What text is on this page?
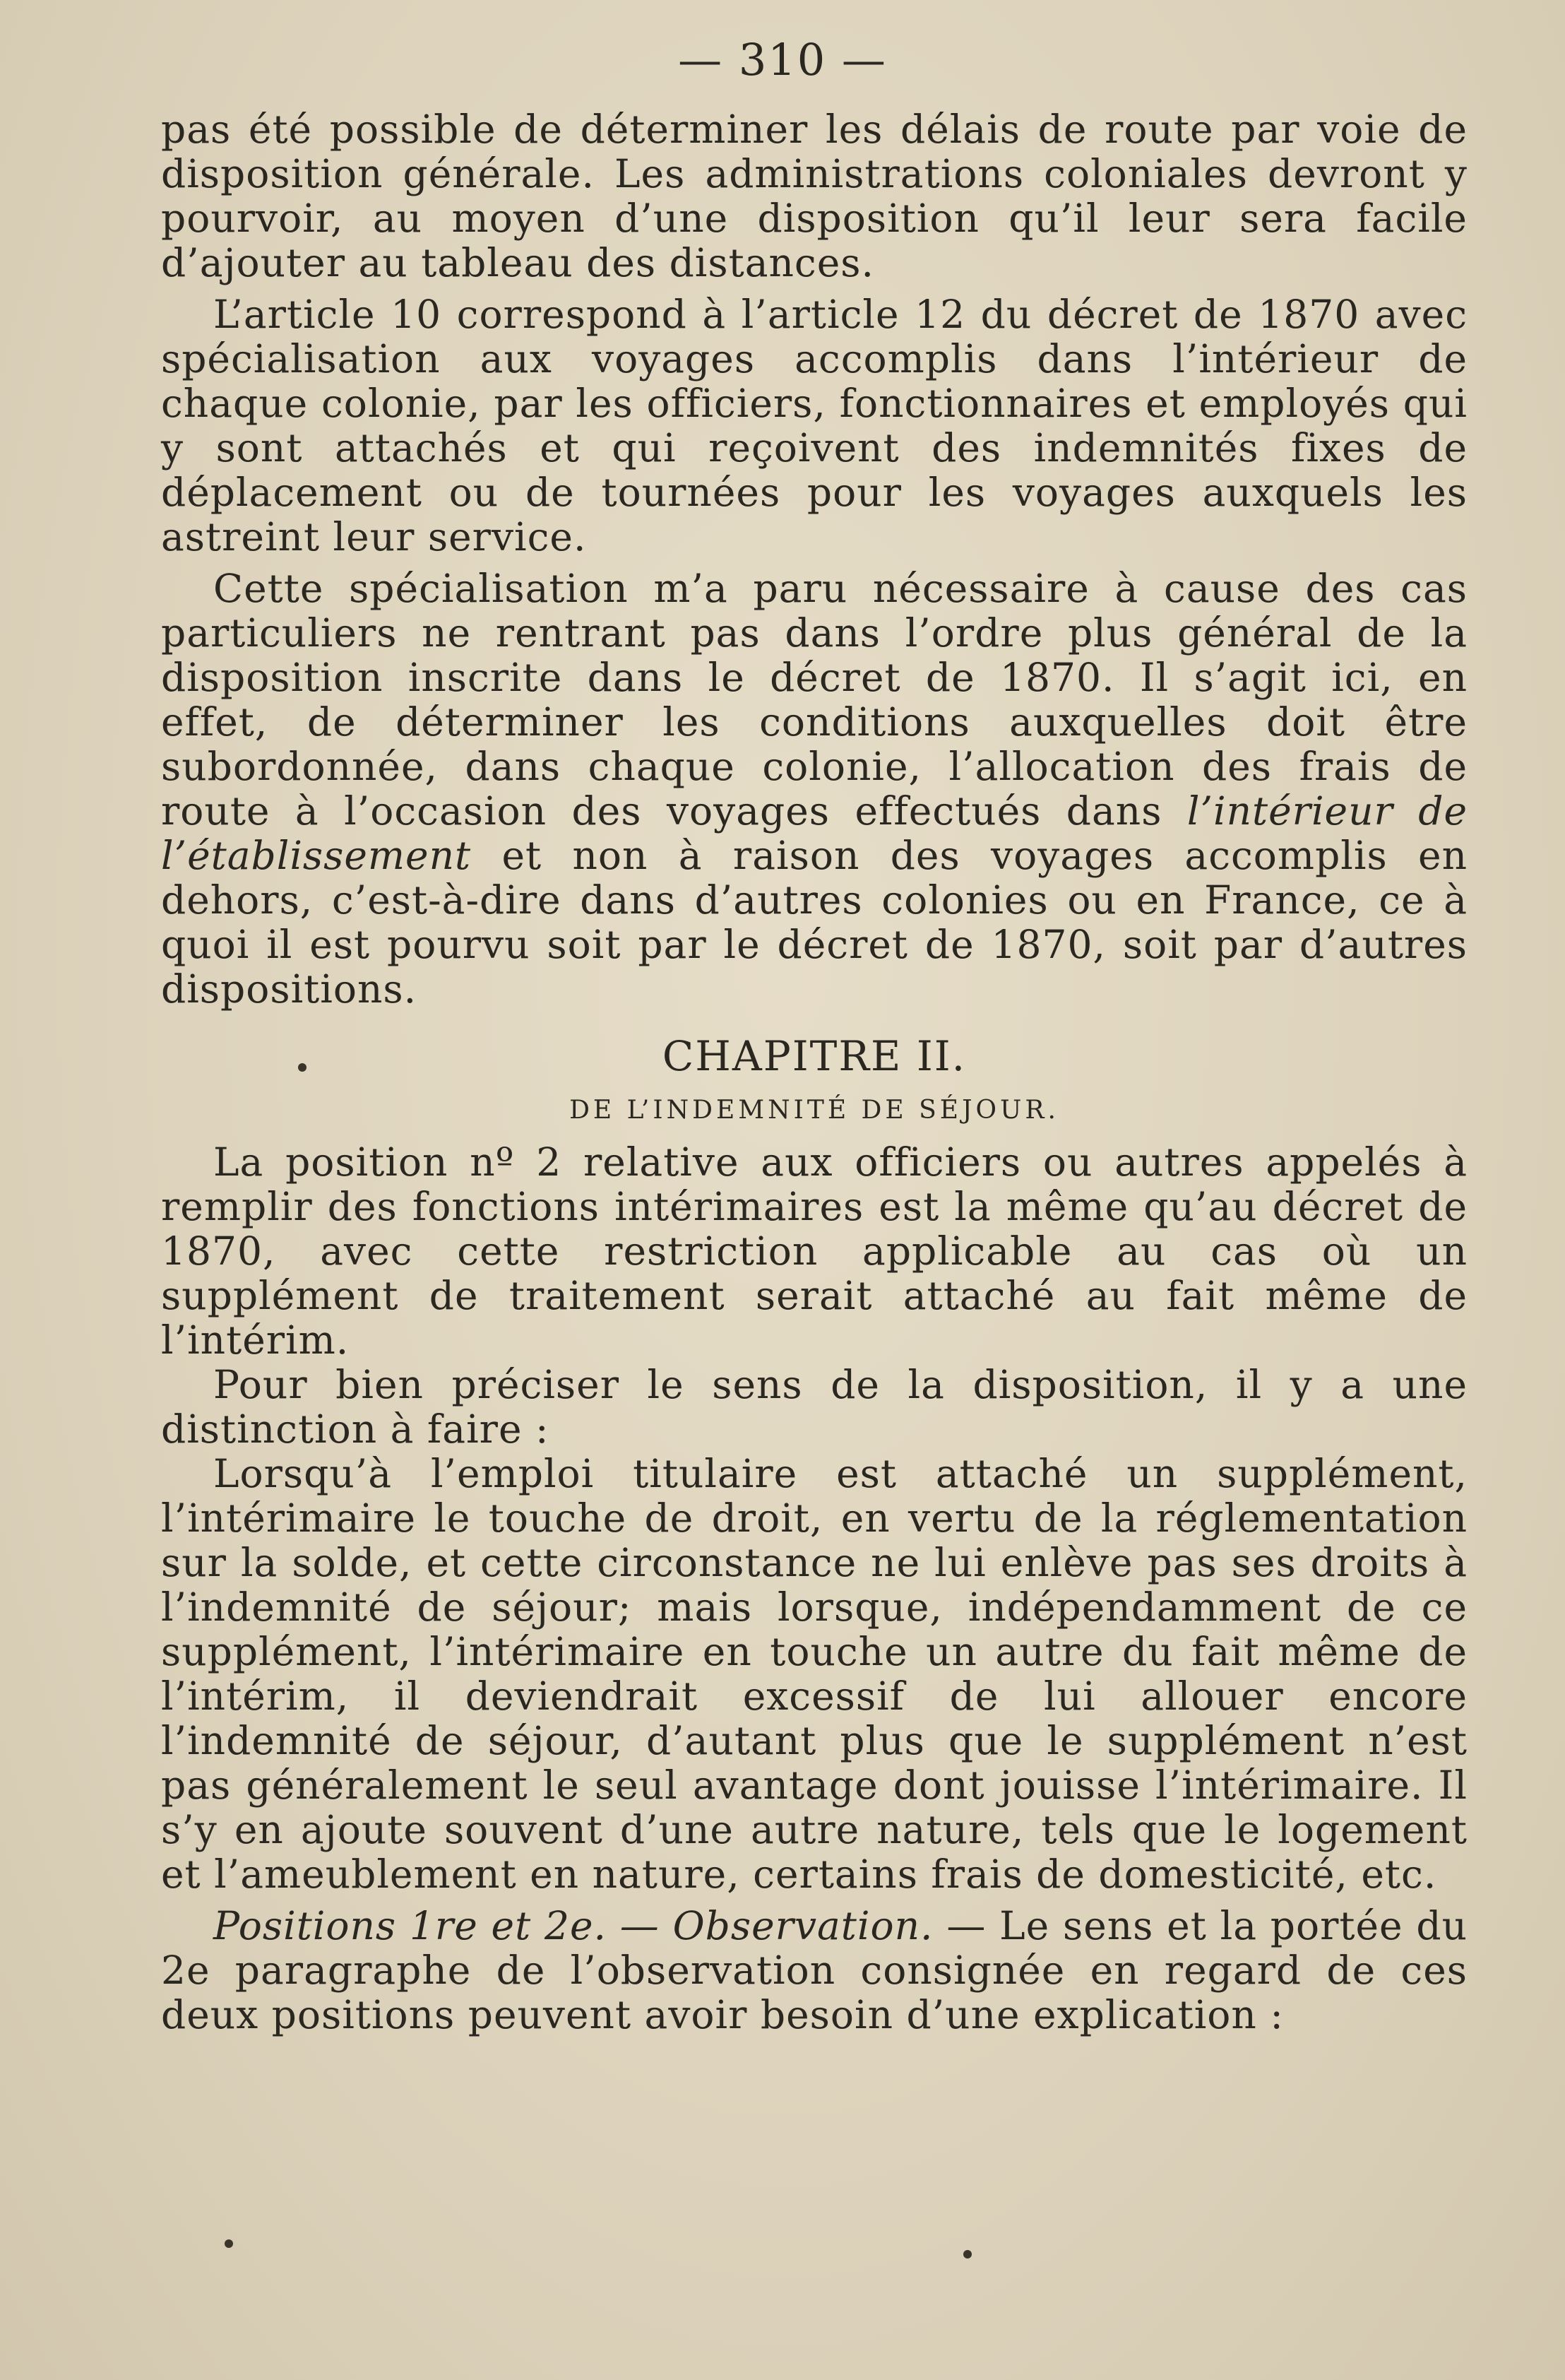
— 310 —

pas été possible de déterminer les délais de route par voie de disposition générale. Les administrations coloniales devront y pourvoir, au moyen d’une disposition qu’il leur sera facile d’ajouter au tableau des distances.

L’article 10 correspond à l’article 12 du décret de 1870 avec spécialisation aux voyages accomplis dans l’intérieur de chaque colonie, par les officiers, fonctionnaires et employés qui y sont attachés et qui reçoivent des indemnités fixes de déplacement ou de tournées pour les voyages auxquels les astreint leur service.

Cette spécialisation m’a paru nécessaire à cause des cas particuliers ne rentrant pas dans l’ordre plus général de la disposition inscrite dans le décret de 1870. Il s’agit ici, en effet, de déterminer les conditions auxquelles doit être subordonnée, dans chaque colonie, l’allocation des frais de route à l’occasion des voyages effectués dans l’intérieur de l’établissement et non à raison des voyages accomplis en dehors, c’est-à-dire dans d’autres colonies ou en France, ce à quoi il est pourvu soit par le décret de 1870, soit par d’autres dispositions.

CHAPITRE II.

DE L’INDEMNITÉ DE SÉJOUR.

La position nº 2 relative aux officiers ou autres appelés à remplir des fonctions intérimaires est la même qu’au décret de 1870, avec cette restriction applicable au cas où un supplément de traitement serait attaché au fait même de l’intérim.

Pour bien préciser le sens de la disposition, il y a une distinction à faire :

Lorsqu’à l’emploi titulaire est attaché un supplément, l’intérimaire le touche de droit, en vertu de la réglementation sur la solde, et cette circonstance ne lui enlève pas ses droits à l’indemnité de séjour; mais lorsque, indépendamment de ce supplément, l’intérimaire en touche un autre du fait même de l’intérim, il deviendrait excessif de lui allouer encore l’indemnité de séjour, d’autant plus que le supplément n’est pas généralement le seul avantage dont jouisse l’intérimaire. Il s’y en ajoute souvent d’une autre nature, tels que le logement et l’ameublement en nature, certains frais de domesticité, etc.

Positions 1re et 2e. — Observation. — Le sens et la portée du 2e paragraphe de l’observation consignée en regard de ces deux positions peuvent avoir besoin d’une explication :
